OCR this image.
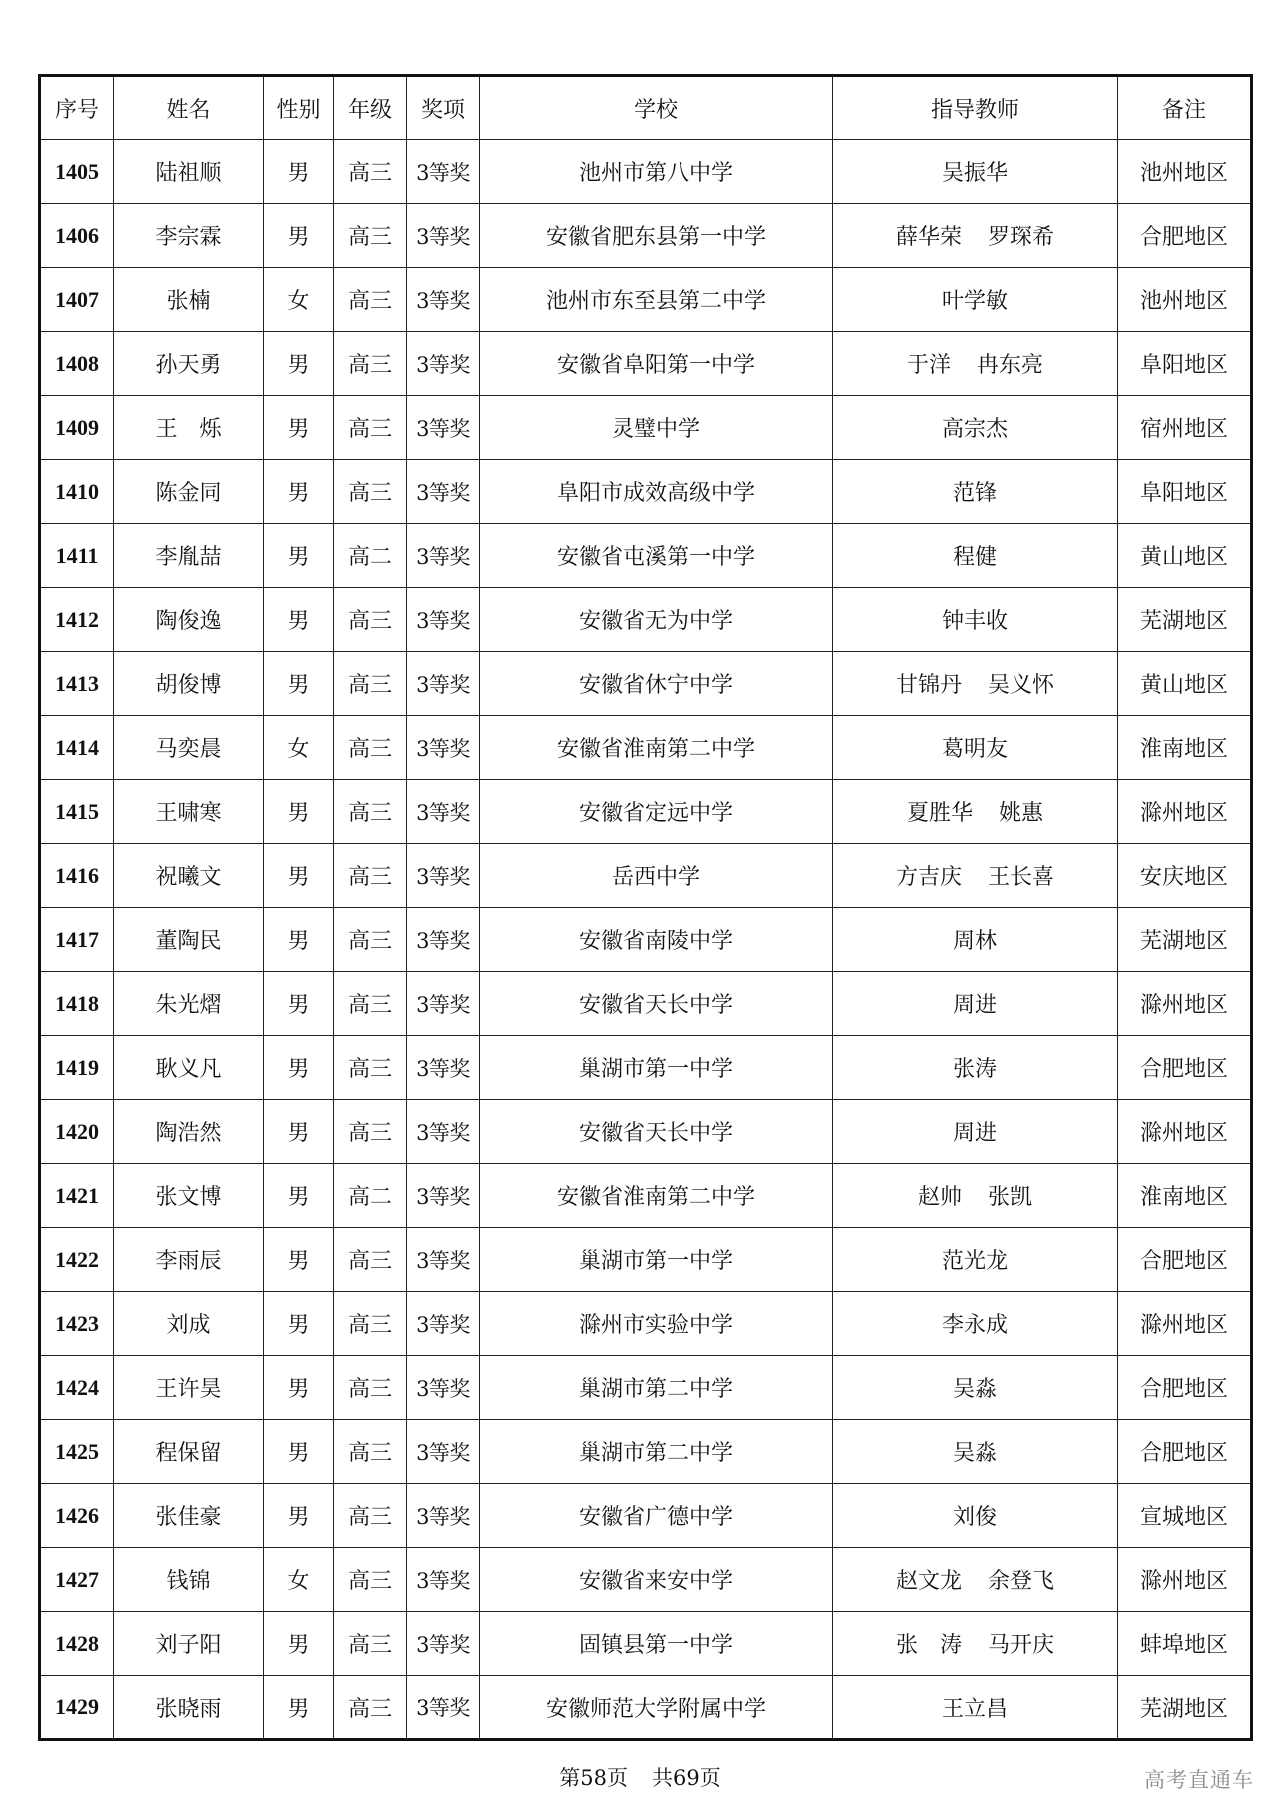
序号	姓名	性别	年级	奖项	学校	指导教师	备注
1405	陆祖顺	男	高三	3等奖	池州市第八中学	吴振华	池州地区
1406	李宗霖	男	高三	3等奖	安徽省肥东县第一中学	薛华荣 罗琛希	合肥地区
1407	张楠	女	高三	3等奖	池州市东至县第二中学	叶学敏	池州地区
1408	孙天勇	男	高三	3等奖	安徽省阜阳第一中学	于洋 冉东亮	阜阳地区
1409	王　烁	男	高三	3等奖	灵璧中学	高宗杰	宿州地区
1410	陈金同	男	高三	3等奖	阜阳市成效高级中学	范锋	阜阳地区
1411	李胤喆	男	高二	3等奖	安徽省屯溪第一中学	程健	黄山地区
1412	陶俊逸	男	高三	3等奖	安徽省无为中学	钟丰收	芜湖地区
1413	胡俊博	男	高三	3等奖	安徽省休宁中学	甘锦丹 吴义怀	黄山地区
1414	马奕晨	女	高三	3等奖	安徽省淮南第二中学	葛明友	淮南地区
1415	王啸寒	男	高三	3等奖	安徽省定远中学	夏胜华 姚惠	滁州地区
1416	祝曦文	男	高三	3等奖	岳西中学	方吉庆 王长喜	安庆地区
1417	董陶民	男	高三	3等奖	安徽省南陵中学	周林	芜湖地区
1418	朱光熠	男	高三	3等奖	安徽省天长中学	周进	滁州地区
1419	耿义凡	男	高三	3等奖	巢湖市第一中学	张涛	合肥地区
1420	陶浩然	男	高三	3等奖	安徽省天长中学	周进	滁州地区
1421	张文博	男	高二	3等奖	安徽省淮南第二中学	赵帅 张凯	淮南地区
1422	李雨辰	男	高三	3等奖	巢湖市第一中学	范光龙	合肥地区
1423	刘成	男	高三	3等奖	滁州市实验中学	李永成	滁州地区
1424	王许昊	男	高三	3等奖	巢湖市第二中学	吴淼	合肥地区
1425	程保留	男	高三	3等奖	巢湖市第二中学	吴淼	合肥地区
1426	张佳豪	男	高三	3等奖	安徽省广德中学	刘俊	宣城地区
1427	钱锦	女	高三	3等奖	安徽省来安中学	赵文龙 余登飞	滁州地区
1428	刘子阳	男	高三	3等奖	固镇县第一中学	张　涛 马开庆	蚌埠地区
1429	张晓雨	男	高三	3等奖	安徽师范大学附属中学	王立昌	芜湖地区
第58页 共69页	高考直通车
